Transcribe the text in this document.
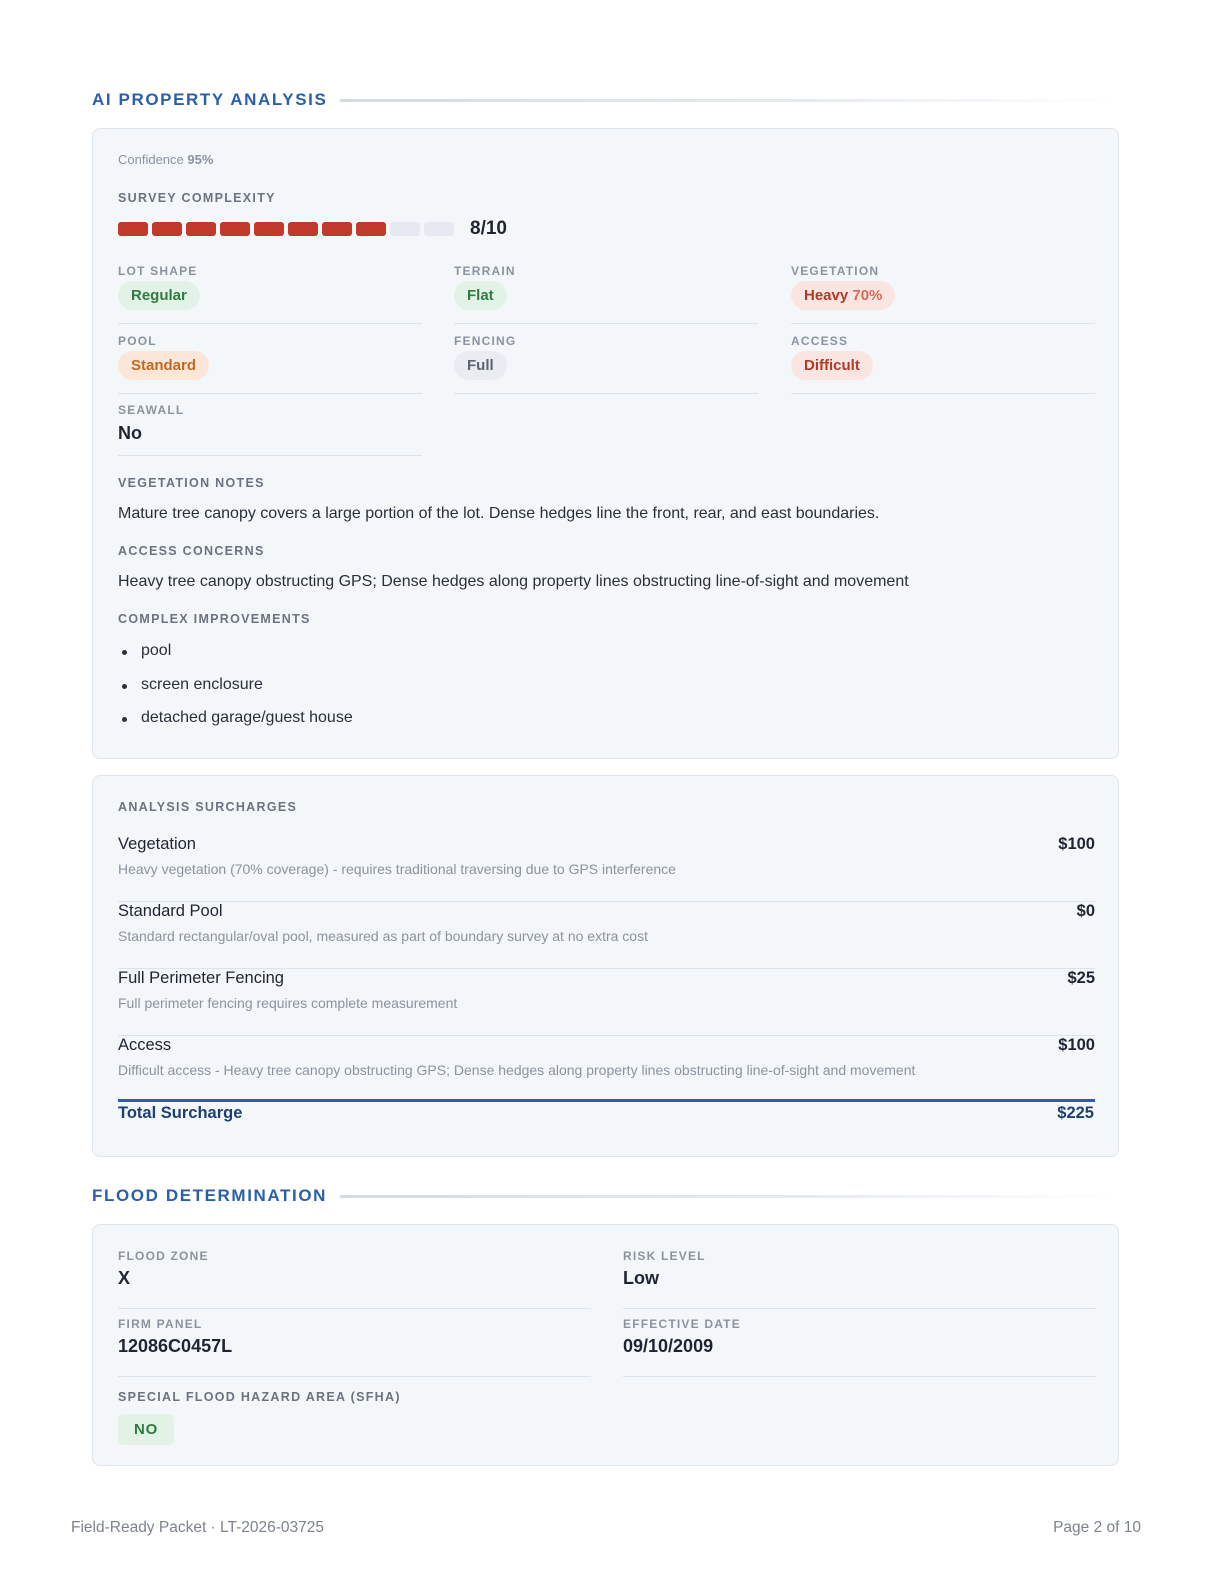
AI PROPERTY ANALYSIS
Confidence 95%
SURVEY COMPLEXITY
8/10
LOT SHAPE
Regular
TERRAIN
Flat
VEGETATION
Heavy 70%
POOL
Standard
FENCING
Full
ACCESS
Difficult
SEAWALL
No
VEGETATION NOTES
Mature tree canopy covers a large portion of the lot. Dense hedges line the front, rear, and east boundaries.
ACCESS CONCERNS
Heavy tree canopy obstructing GPS; Dense hedges along property lines obstructing line-of-sight and movement
COMPLEX IMPROVEMENTS
pool
screen enclosure
detached garage/guest house
ANALYSIS SURCHARGES
Vegetation
Heavy vegetation (70% coverage) - requires traditional traversing due to GPS interference
$100
Standard Pool
Standard rectangular/oval pool, measured as part of boundary survey at no extra cost
$0
Full Perimeter Fencing
Full perimeter fencing requires complete measurement
$25
Access
Difficult access - Heavy tree canopy obstructing GPS; Dense hedges along property lines obstructing line-of-sight and movement
$100
Total Surcharge	$225
FLOOD DETERMINATION
FLOOD ZONE
X
RISK LEVEL
Low
FIRM PANEL
12086C0457L
EFFECTIVE DATE
09/10/2009
SPECIAL FLOOD HAZARD AREA (SFHA)
NO
Field-Ready Packet · LT-2026-03725	Page 2 of 10
